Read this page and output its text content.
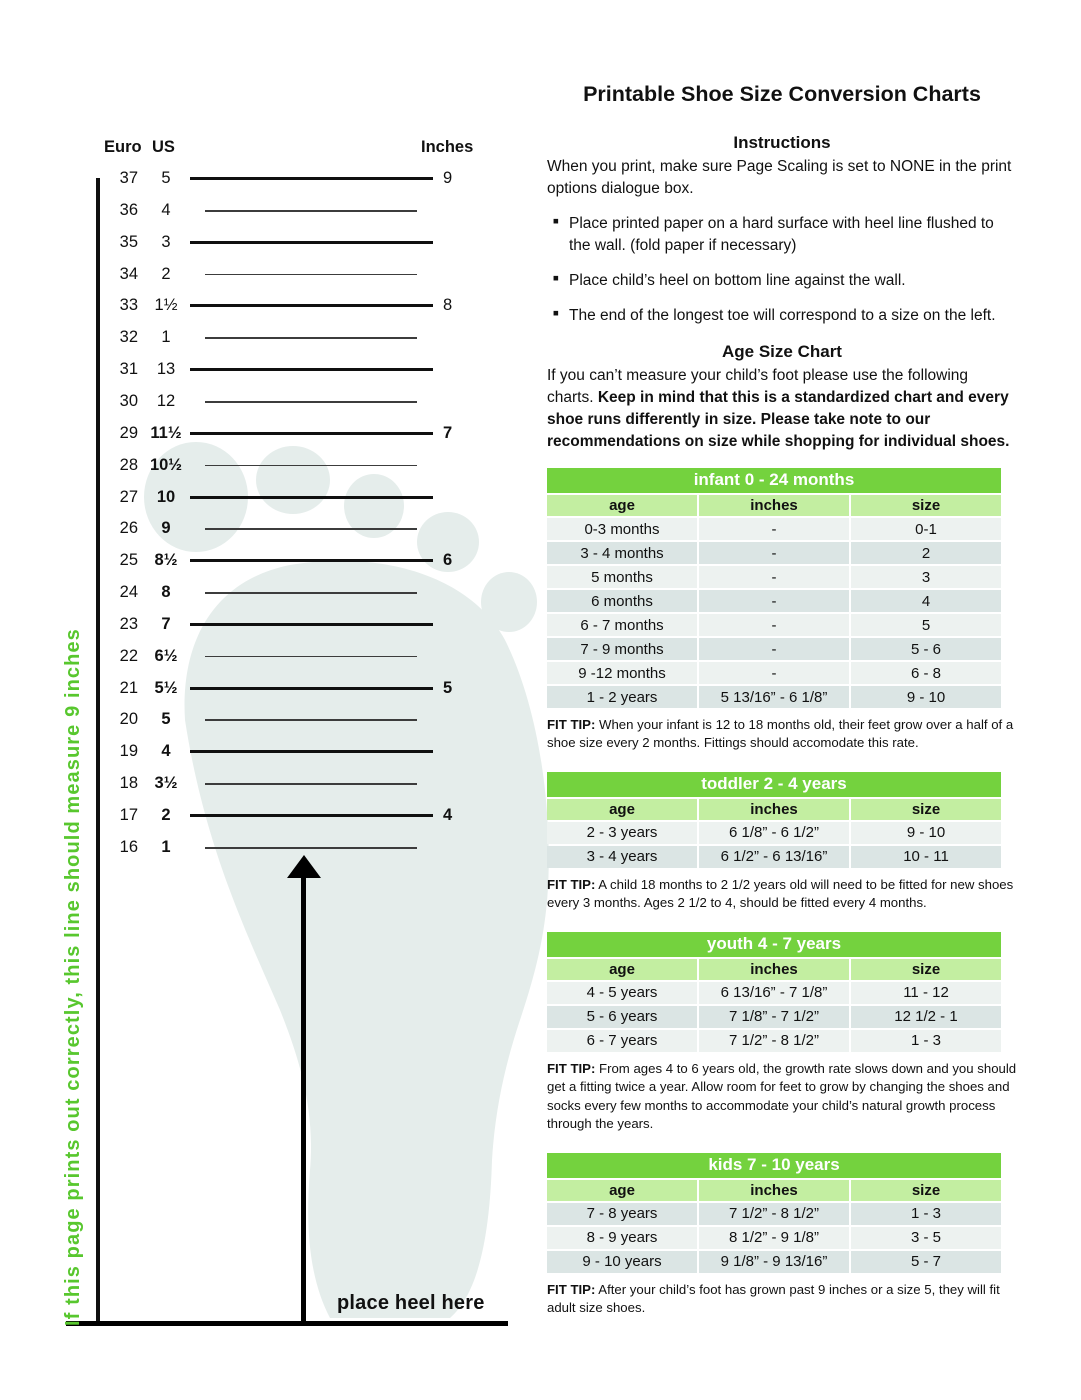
Euro US	Inches
37	5	9
36	4
35	3
34	2
33	1½	8
32	1
31	13
30	12
29 11½	7
28 10½
27	10
26	9
25	8½	6
24	8
23	7
22	6½
21	5½	5
20	5
19	4
18	3½
17	2	4
16	1
place heel here
If this page prints out correctly, this line should measure 9 inches
Printable Shoe Size Conversion Charts
Instructions

When you print, make sure Page Scaling is set to NONE in the print options dialogue box.

■ Place printed paper on a hard surface with heel line flushed to the wall. (fold paper if necessary)
■ Place child’s heel on bottom line against the wall.
■ The end of the longest toe will correspond to a size on the left.
Age Size Chart

If you can’t measure your child’s foot please use the following charts. Keep in mind that this is a standardized chart and every shoe runs differently in size. Please take note to our recommendations on size while shopping for individual shoes.

infant 0 - 24 months		
age	inches	size
0-3 months	-	0-1
3 - 4 months	-	2
5 months	-	3
6 months	-	4
6 - 7 months	-	5
7 - 9 months	-	5 - 6
9 -12 months	-	6 - 8
1 - 2 years	5 13/16” - 6 1/8”	9 - 10

FIT TIP: When your infant is 12 to 18 months old, their feet grow over a half of a shoe size every 2 months. Fittings should accomodate this rate.

toddler 2 - 4 years		
age	inches	size
2 - 3 years	6 1/8” - 6 1/2”	9 - 10
3 - 4 years	6 1/2” - 6 13/16”	10 - 11

FIT TIP: A child 18 months to 2 1/2 years old will need to be fitted for new shoes every 3 months. Ages 2 1/2 to 4, should be fitted every 4 months.

youth 4 - 7 years		
age	inches	size
4 - 5 years	6 13/16” - 7 1/8”	11 - 12
5 - 6 years	7 1/8” - 7 1/2”	12 1/2 - 1
6 - 7 years	7 1/2” - 8 1/2”	1 - 3

FIT TIP: From ages 4 to 6 years old, the growth rate slows down and you should get a fitting twice a year. Allow room for feet to grow by changing the shoes and socks every few months to accommodate your child’s natural growth process through the years.

kids 7 - 10 years		
age	inches	size
7 - 8 years	7 1/2” - 8 1/2”	1 - 3
8 - 9 years	8 1/2” - 9 1/8”	3 - 5
9 - 10 years	9 1/8” - 9 13/16”	5 - 7

FIT TIP: After your child’s foot has grown past 9 inches or a size 5, they will fit adult size shoes.
